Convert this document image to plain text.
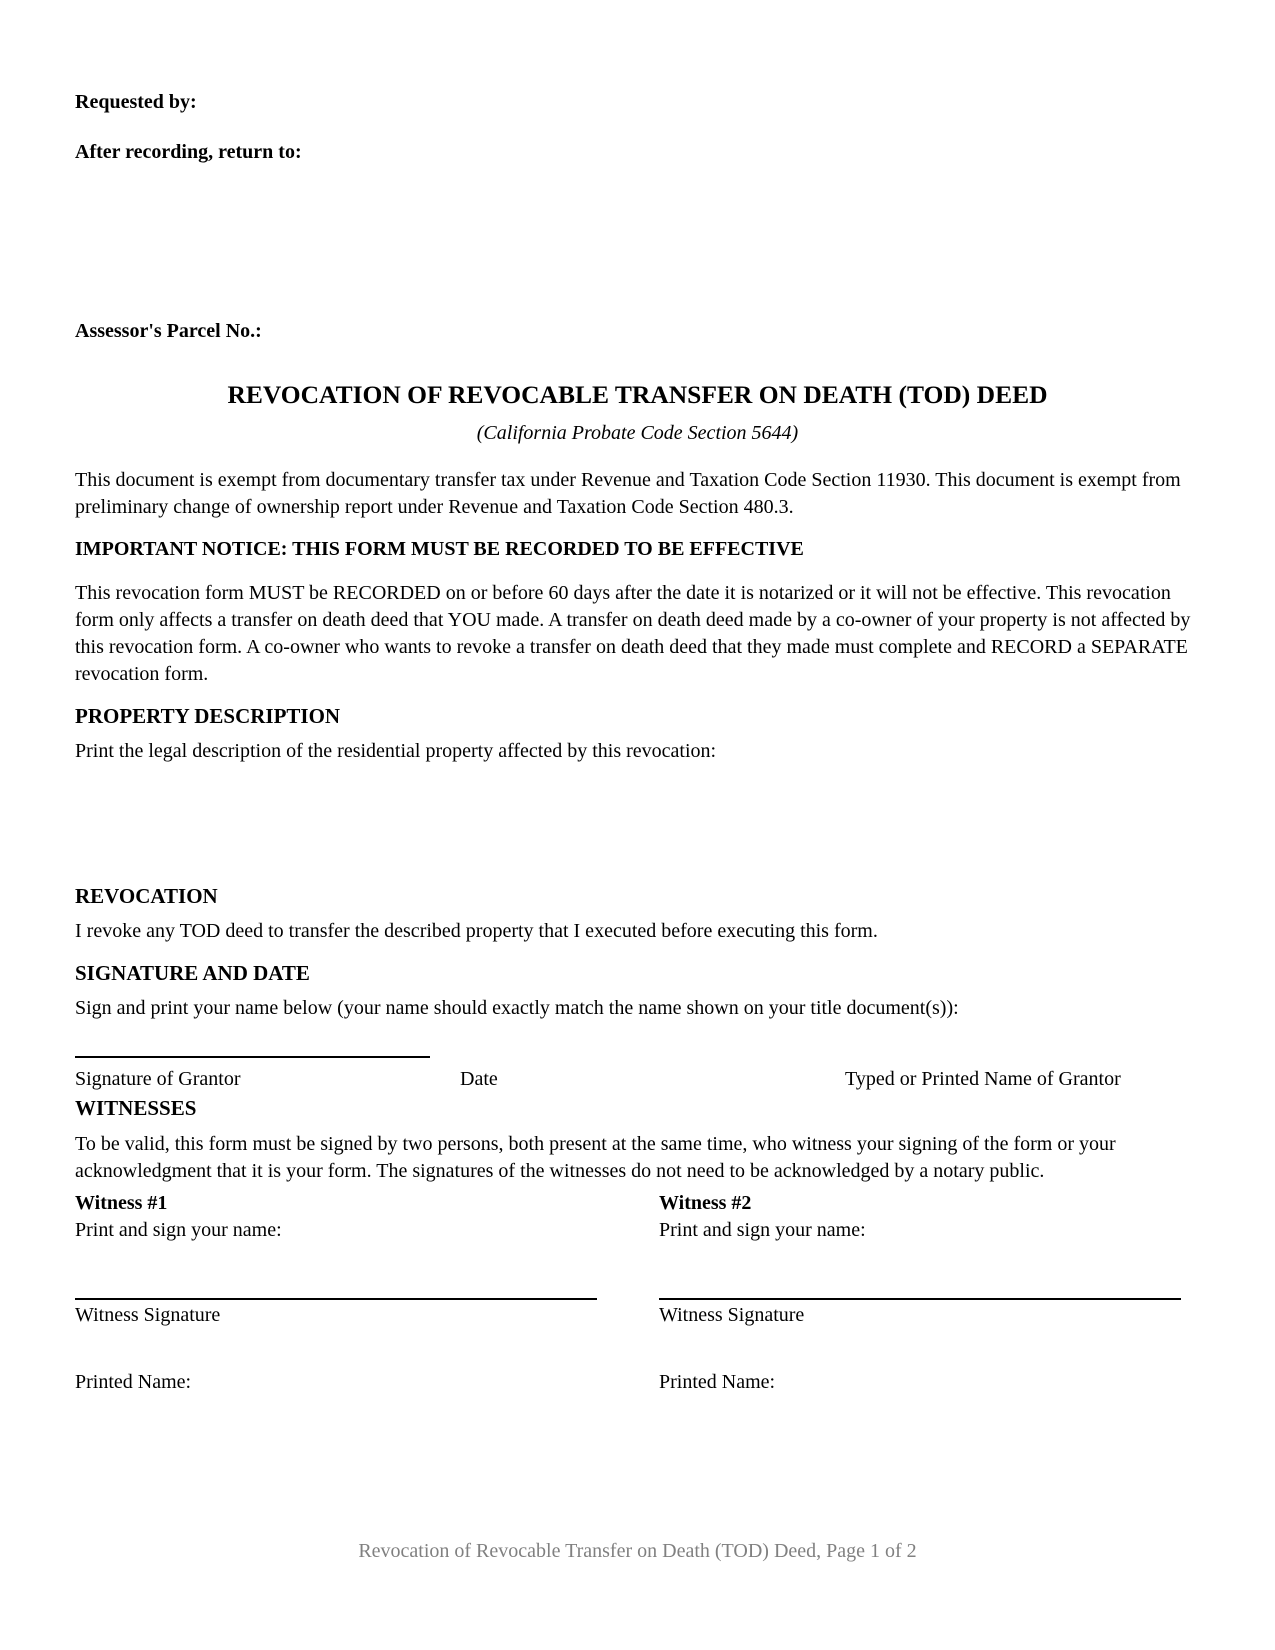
Requested by:
After recording, return to:
Assessor's Parcel No.:
REVOCATION OF REVOCABLE TRANSFER ON DEATH (TOD) DEED
(California Probate Code Section 5644)

This document is exempt from documentary transfer tax under Revenue and Taxation Code Section 11930. This document is exempt from preliminary change of ownership report under Revenue and Taxation Code Section 480.3.

IMPORTANT NOTICE: THIS FORM MUST BE RECORDED TO BE EFFECTIVE

This revocation form MUST be RECORDED on or before 60 days after the date it is notarized or it will not be effective. This revocation form only affects a transfer on death deed that YOU made. A transfer on death deed made by a co-owner of your property is not affected by this revocation form. A co-owner who wants to revoke a transfer on death deed that they made must complete and RECORD a SEPARATE revocation form.

PROPERTY DESCRIPTION
Print the legal description of the residential property affected by this revocation:
REVOCATION
I revoke any TOD deed to transfer the described property that I executed before executing this form.
SIGNATURE AND DATE
Sign and print your name below (your name should exactly match the name shown on your title document(s)):
Signature of Grantor	Date	Typed or Printed Name of Grantor
WITNESSES

To be valid, this form must be signed by two persons, both present at the same time, who witness your signing of the form or your acknowledgment that it is your form. The signatures of the witnesses do not need to be acknowledged by a notary public.

Witness #1
Print and sign your name:
Witness Signature
Printed Name:
Witness #2
Print and sign your name:
Witness Signature
Printed Name:
Revocation of Revocable Transfer on Death (TOD) Deed, Page 1 of 2
